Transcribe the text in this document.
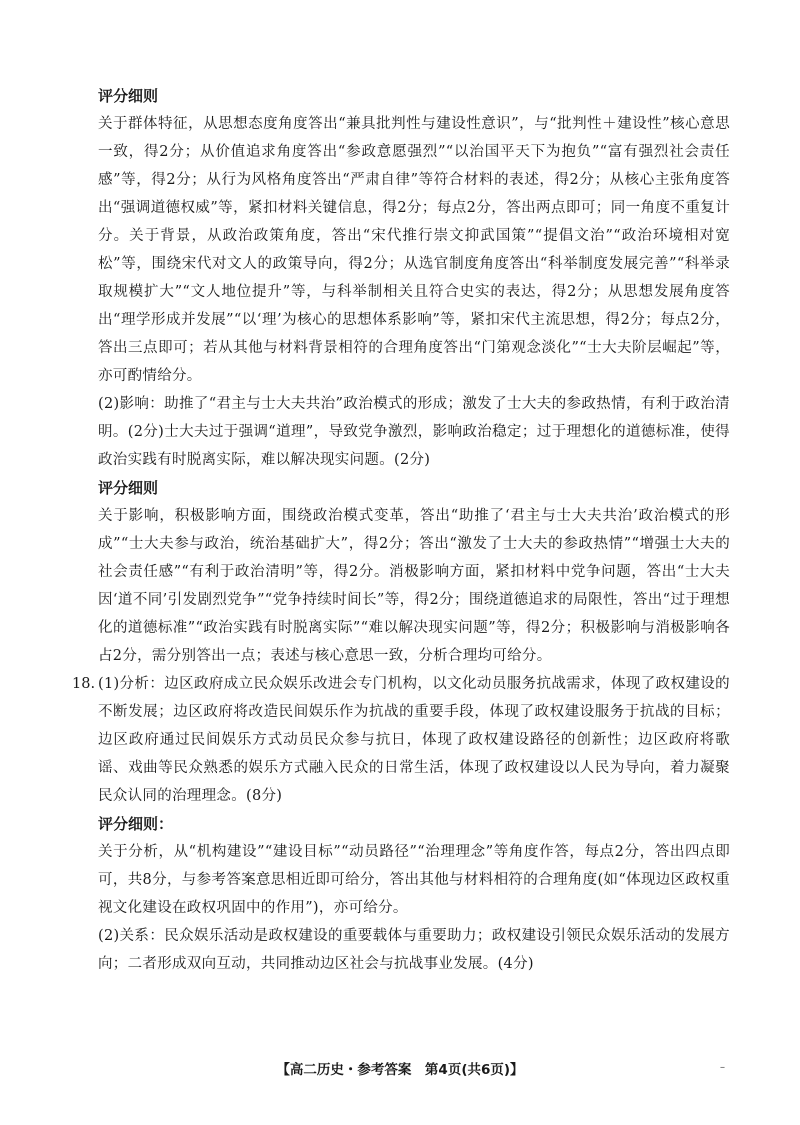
评分细则

关于群体特征，从思想态度角度答出“兼具批判性与建设性意识”，与“批判性＋建设性”核心意思一致，得2分；从价值追求角度答出“参政意愿强烈”“以治国平天下为抱负”“富有强烈社会责任感”等，得2分；从行为风格角度答出“严肃自律”等符合材料的表述，得2分；从核心主张角度答出“强调道德权威”等，紧扣材料关键信息，得2分；每点2分，答出两点即可；同一角度不重复计分。关于背景，从政治政策角度，答出“宋代推行崇文抑武国策”“提倡文治”“政治环境相对宽松”等，围绕宋代对文人的政策导向，得2分；从选官制度角度答出“科举制度发展完善”“科举录取规模扩大”“文人地位提升”等，与科举制相关且符合史实的表达，得2分；从思想发展角度答出“理学形成并发展”“以‘理’为核心的思想体系影响”等，紧扣宋代主流思想，得2分；每点2分，答出三点即可；若从其他与材料背景相符的合理角度答出“门第观念淡化”“士大夫阶层崛起”等，亦可酌情给分。

(2)影响：助推了“君主与士大夫共治”政治模式的形成；激发了士大夫的参政热情，有利于政治清明。(2分)士大夫过于强调“道理”，导致党争激烈，影响政治稳定；过于理想化的道德标准，使得政治实践有时脱离实际，难以解决现实问题。(2分)

评分细则

关于影响，积极影响方面，围绕政治模式变革，答出“助推了‘君主与士大夫共治’政治模式的形成”“士大夫参与政治，统治基础扩大”，得2分；答出“激发了士大夫的参政热情”“增强士大夫的社会责任感”“有利于政治清明”等，得2分。消极影响方面，紧扣材料中党争问题，答出“士大夫因‘道不同’引发剧烈党争”“党争持续时间长”等，得2分；围绕道德追求的局限性，答出“过于理想化的道德标准”“政治实践有时脱离实际”“难以解决现实问题”等，得2分；积极影响与消极影响各占2分，需分别答出一点；表述与核心意思一致，分析合理均可给分。

18. (1)分析：边区政府成立民众娱乐改进会专门机构，以文化动员服务抗战需求，体现了政权建设的不断发展；边区政府将改造民间娱乐作为抗战的重要手段，体现了政权建设服务于抗战的目标；边区政府通过民间娱乐方式动员民众参与抗日，体现了政权建设路径的创新性；边区政府将歌谣、戏曲等民众熟悉的娱乐方式融入民众的日常生活，体现了政权建设以人民为导向，着力凝聚民众认同的治理理念。(8分)

评分细则：

关于分析，从“机构建设”“建设目标”“动员路径”“治理理念”等角度作答，每点2分，答出四点即可，共8分，与参考答案意思相近即可给分，答出其他与材料相符的合理角度(如“体现边区政权重视文化建设在政权巩固中的作用”)，亦可给分。

(2)关系：民众娱乐活动是政权建设的重要载体与重要助力；政权建设引领民众娱乐活动的发展方向；二者形成双向互动，共同推动边区社会与抗战事业发展。(4分)

【高二历史・参考答案　第4页(共6页)】	–
